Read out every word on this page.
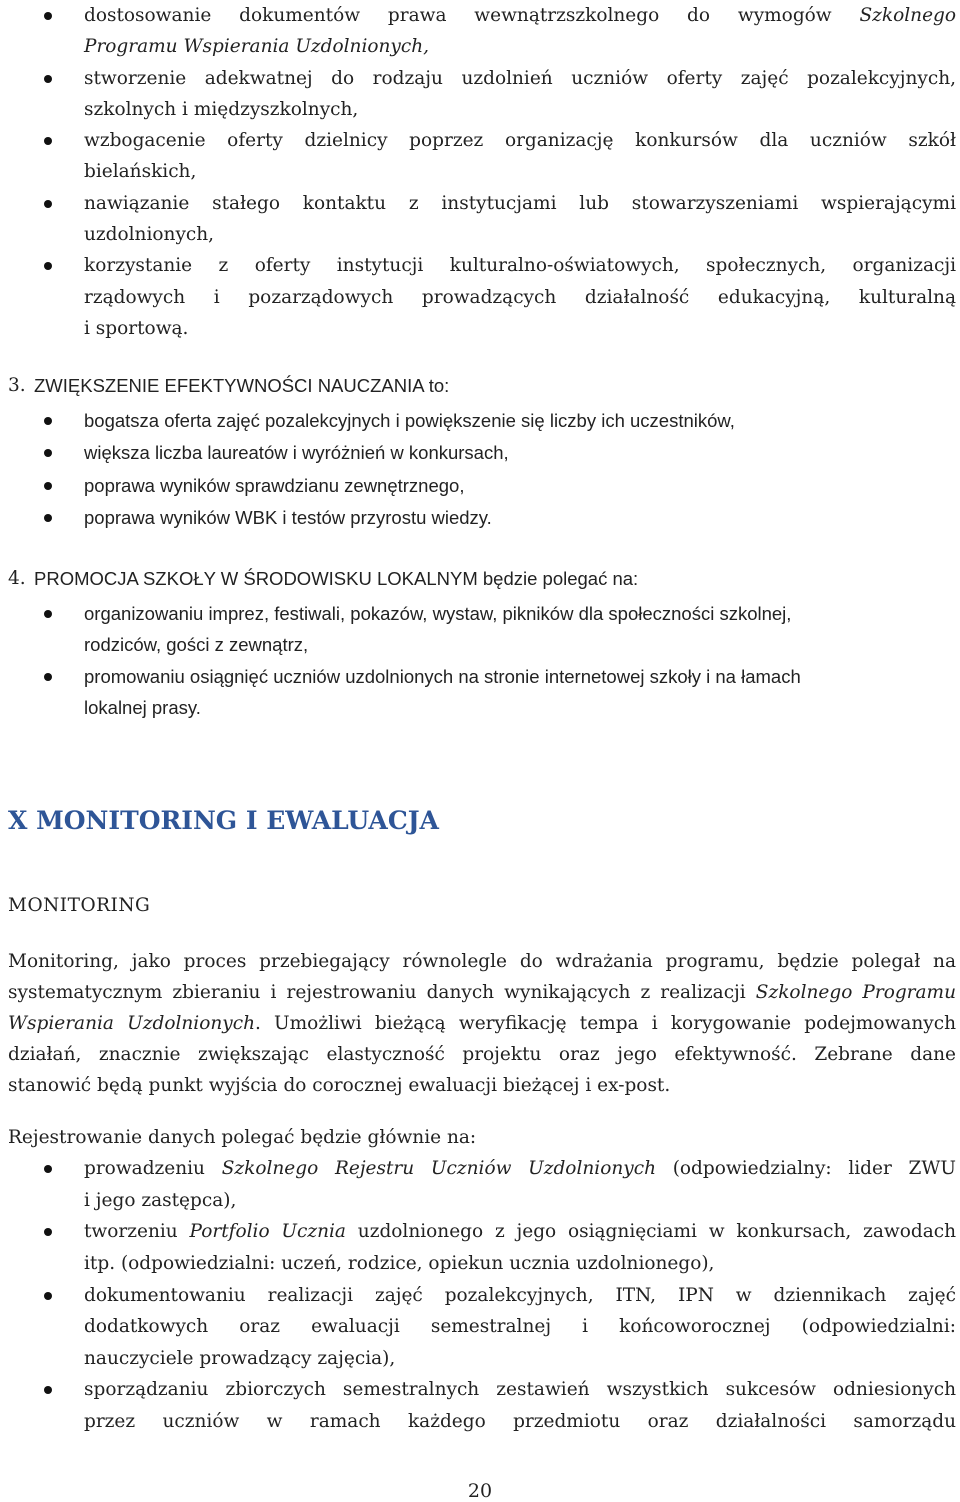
dostosowanie dokumentów prawa wewnątrzszkolnego do wymogów Szkolnego
Programu Wspierania Uzdolnionych,
stworzenie adekwatnej do rodzaju uzdolnień uczniów oferty zajęć pozalekcyjnych,
szkolnych i międzyszkolnych,
wzbogacenie oferty dzielnicy poprzez organizację konkursów dla uczniów szkół
bielańskich,
nawiązanie stałego kontaktu z instytucjami lub stowarzyszeniami wspierającymi
uzdolnionych,
korzystanie z oferty instytucji kulturalno-oświatowych, społecznych, organizacji
rządowych i pozarządowych prowadzących działalność edukacyjną, kulturalną
i sportową.
3. ZWIĘKSZENIE EFEKTYWNOŚCI NAUCZANIA to:
bogatsza oferta zajęć pozalekcyjnych i powiększenie się liczby ich uczestników,
większa liczba laureatów i wyróżnień w konkursach,
poprawa wyników sprawdzianu zewnętrznego,
poprawa wyników WBK i testów przyrostu wiedzy.
4. PROMOCJA SZKOŁY W ŚRODOWISKU LOKALNYM będzie polegać na:
organizowaniu imprez, festiwali, pokazów, wystaw, pikników dla społeczności szkolnej,
rodziców, gości z zewnątrz,
promowaniu osiągnięć uczniów uzdolnionych na stronie internetowej szkoły i na łamach
lokalnej prasy.
X MONITORING I EWALUACJA
MONITORING
Monitoring, jako proces przebiegający równolegle do wdrażania programu, będzie polegał na
systematycznym zbieraniu i rejestrowaniu danych wynikających z realizacji Szkolnego Programu
Wspierania Uzdolnionych. Umożliwi bieżącą weryfikację tempa i korygowanie podejmowanych
działań, znacznie zwiększając elastyczność projektu oraz jego efektywność. Zebrane dane
stanowić będą punkt wyjścia do corocznej ewaluacji bieżącej i ex-post.
Rejestrowanie danych polegać będzie głównie na:
prowadzeniu Szkolnego Rejestru Uczniów Uzdolnionych (odpowiedzialny: lider ZWU
i jego zastępca),
tworzeniu Portfolio Ucznia uzdolnionego z jego osiągnięciami w konkursach, zawodach
itp. (odpowiedzialni: uczeń, rodzice, opiekun ucznia uzdolnionego),
dokumentowaniu realizacji zajęć pozalekcyjnych, ITN, IPN w dziennikach zajęć
dodatkowych oraz ewaluacji semestralnej i końcoworocznej (odpowiedzialni:
nauczyciele prowadzący zajęcia),
sporządzaniu zbiorczych semestralnych zestawień wszystkich sukcesów odniesionych
przez uczniów w ramach każdego przedmiotu oraz działalności samorządu
20
